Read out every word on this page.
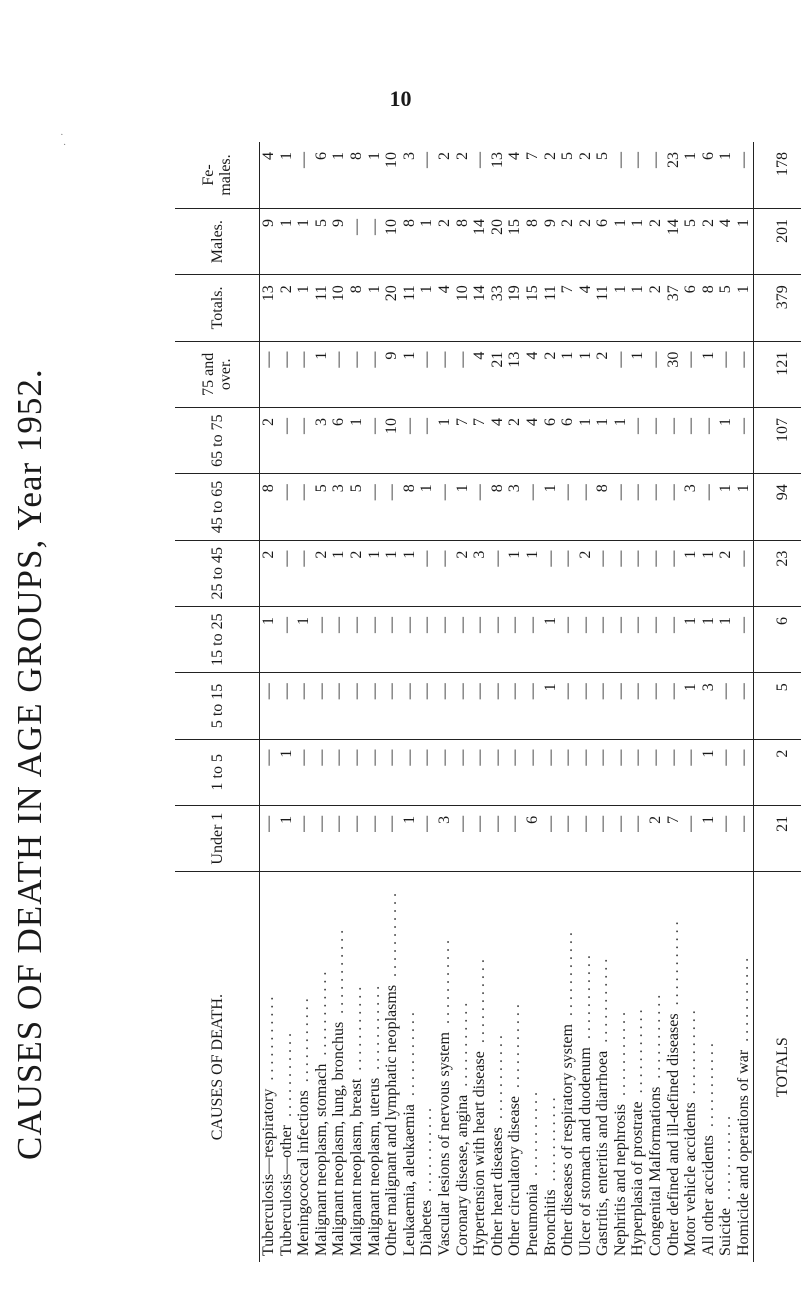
10
·
·
CAUSES OF DEATH IN AGE GROUPS, Year 1952.	CAUSES OF DEATH.	Under 1	1 to 5	5 to 15	15 to 25	25 to 45	45 to 65	65 to 75	75 and over.	Totals.	Males.	Fe-males.
Tuberculosis—respiratory ...........	—	—	—	1	2	8	2	—	13	9	4
Tuberculosis—other ...........	1	1	—	—	—	—	—	—	2	1	1
Meningococcal infections ...........	—	—	—	1	—	—	—	—	1	1	—
Malignant neoplasm, stomach ...........	—	—	—	—	2	5	3	1	11	5	6
Malignant neoplasm, lung, bronchus ...........	—	—	—	—	1	3	6	—	10	9	1
Malignant neoplasm, breast ...........	—	—	—	—	2	5	1	—	8	—	8
Malignant neoplasm, uterus ...........	—	—	—	—	1	—	—	—	1	—	1
Other malignant and lymphatic neoplasms ...........	—	—	—	—	1	—	10	9	20	10	10
Leukaemia, aleukaemia ...........	1	—	—	—	1	8	—	1	11	8	3
Diabetes ...........	—	—	—	—	—	1	—	—	1	1	—
Vascular lesions of nervous system ...........	3	—	—	—	—	—	1	—	4	2	2
Coronary disease, angina ...........	—	—	—	—	2	1	7	—	10	8	2
Hypertension with heart disease ...........	—	—	—	—	3	—	7	4	14	14	—
Other heart diseases ...........	—	—	—	—	—	8	4	21	33	20	13
Other circulatory disease ...........	—	—	—	—	1	3	2	13	19	15	4
Pneumonia ...........	6	—	—	—	1	—	4	4	15	8	7
Bronchitis ...........	—	—	1	1	—	1	6	2	11	9	2
Other diseases of respiratory system ...........	—	—	—	—	—	—	6	1	7	2	5
Ulcer of stomach and duodenum ...........	—	—	—	—	2	—	1	1	4	2	2
Gastritis, enteritis and diarrhoea ...........	—	—	—	—	—	8	1	2	11	6	5
Nephritis and nephrosis ...........	—	—	—	—	—	—	1	—	1	1	—
Hyperplasia of prostrate ...........	—	—	—	—	—	—	—	1	1	1	—
Congenital Malformations ...........	2	—	—	—	—	—	—	—	2	2	—
Other defined and ill-defined diseases ...........	7	—	—	—	—	—	—	30	37	14	23
Motor vehicle accidents ...........	—	—	1	1	1	3	—	—	6	5	1
All other accidents ...........	1	1	3	1	1	—	—	1	8	2	6
Suicide ...........	—	—	—	1	2	1	1	—	5	4	1
Homicide and operations of war ...........	—	—	—	—	—	1	—	—	1	1	—
TOTALS	21	2	5	6	23	94	107	121	379	201	178
